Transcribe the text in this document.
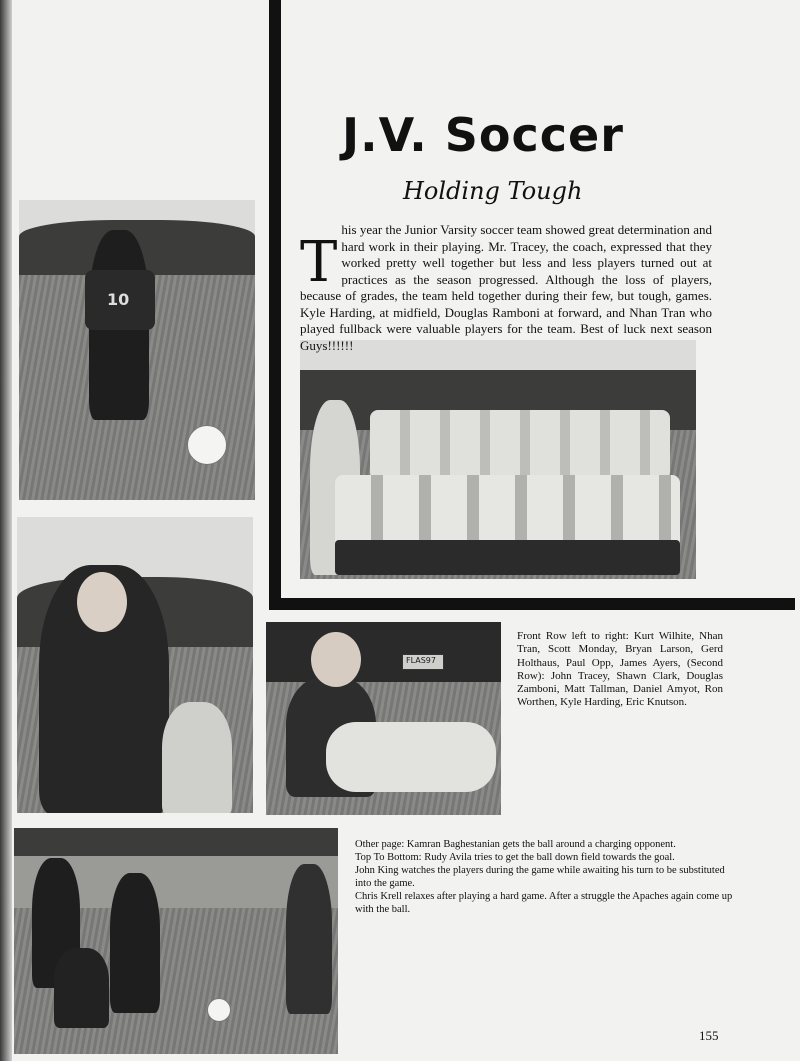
10
FLAS97
J.V. Soccer
Holding Tough
T
his year the Junior Varsity soccer team showed great determination and hard work in their playing. Mr. Tracey, the coach, expressed that they worked pretty well together but less and less players turned out at practices as the season progressed. Although the loss of players, because of grades, the team held together during their few, but tough, games. Kyle Harding, at midfield, Douglas Ramboni at forward, and Nhan Tran who played fullback were valuable players for the team. Best of luck next season Guys!!!!!!
Front Row left to right: Kurt Wilhite, Nhan Tran, Scott Monday, Bryan Larson, Gerd Holthaus, Paul Opp, James Ayers, (Second Row): John Tracey, Shawn Clark, Douglas Zamboni, Matt Tallman, Daniel Amyot, Ron Worthen, Kyle Harding, Eric Knutson.
Other page: Kamran Baghestanian gets the ball around a charging opponent.
Top To Bottom: Rudy Avila tries to get the ball down field towards the goal.
John King watches the players during the game while awaiting his turn to be substituted into the game.
Chris Krell relaxes after playing a hard game. After a struggle the Apaches again come up with the ball.
155
